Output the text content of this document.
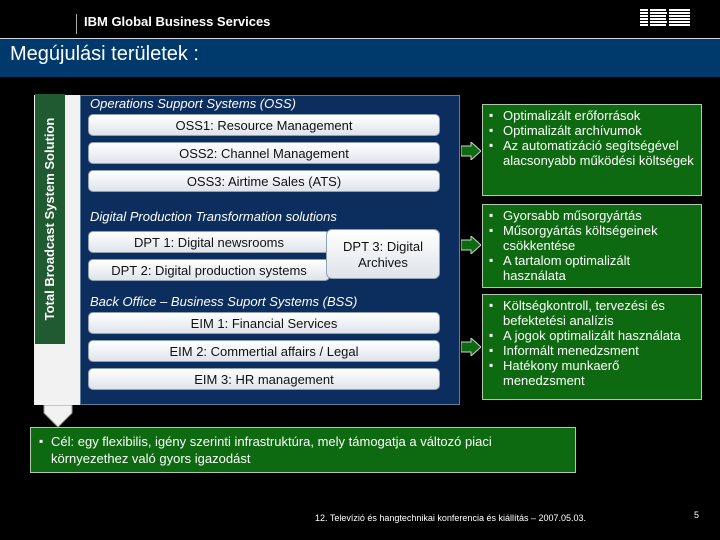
IBM Global Business Services
Megújulási területek :
Total Broadcast System Solution
Operations Support Systems (OSS)
OSS1: Resource Management
OSS2: Channel Management
OSS3: Airtime Sales (ATS)
Digital Production Transformation solutions
DPT 1: Digital newsrooms
DPT 2: Digital production systems
DPT 3: Digital
Archives
Back Office – Business Suport Systems (BSS)
EIM 1: Financial Services
EIM 2: Commertial affairs / Legal
EIM 3: HR management
▪ Optimalizált erőforrások
▪ Optimalizált archívumok
▪ Az automatizáció segítségével alacsonyabb működési költségek
▪ Gyorsabb műsorgyártás
▪ Műsorgyártás költségeinek csökkentése
▪ A tartalom optimalizált használata
▪ Költségkontroll, tervezési és befektetési analízis
▪ A jogok optimalizált használata
▪ Informált menedzsment
▪ Hatékony munkaerő menedzsment
▪ Cél: egy flexibilis, igény szerinti infrastruktúra, mely támogatja a változó piaci környezethez való gyors igazodást
12. Televízió és hangtechnikai konferencia és kiállítás – 2007.05.03.	5
